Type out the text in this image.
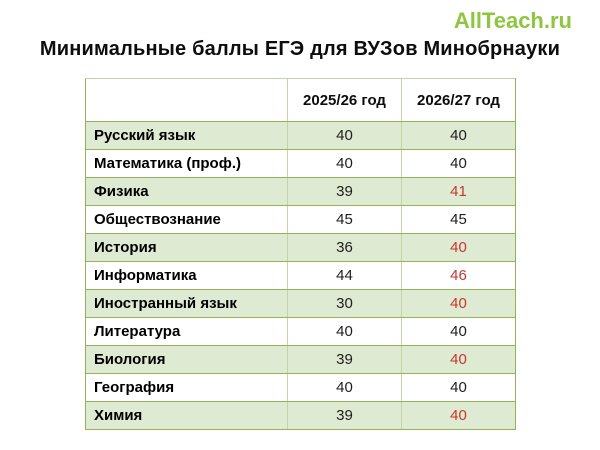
AllTeach.ru
Минимальные баллы ЕГЭ для ВУЗов Минобрнауки
	2025/26 год	2026/27 год
Русский язык	40	40
Математика (проф.)	40	40
Физика	39	41
Обществознание	45	45
История	36	40
Информатика	44	46
Иностранный язык	30	40
Литература	40	40
Биология	39	40
География	40	40
Химия	39	40
